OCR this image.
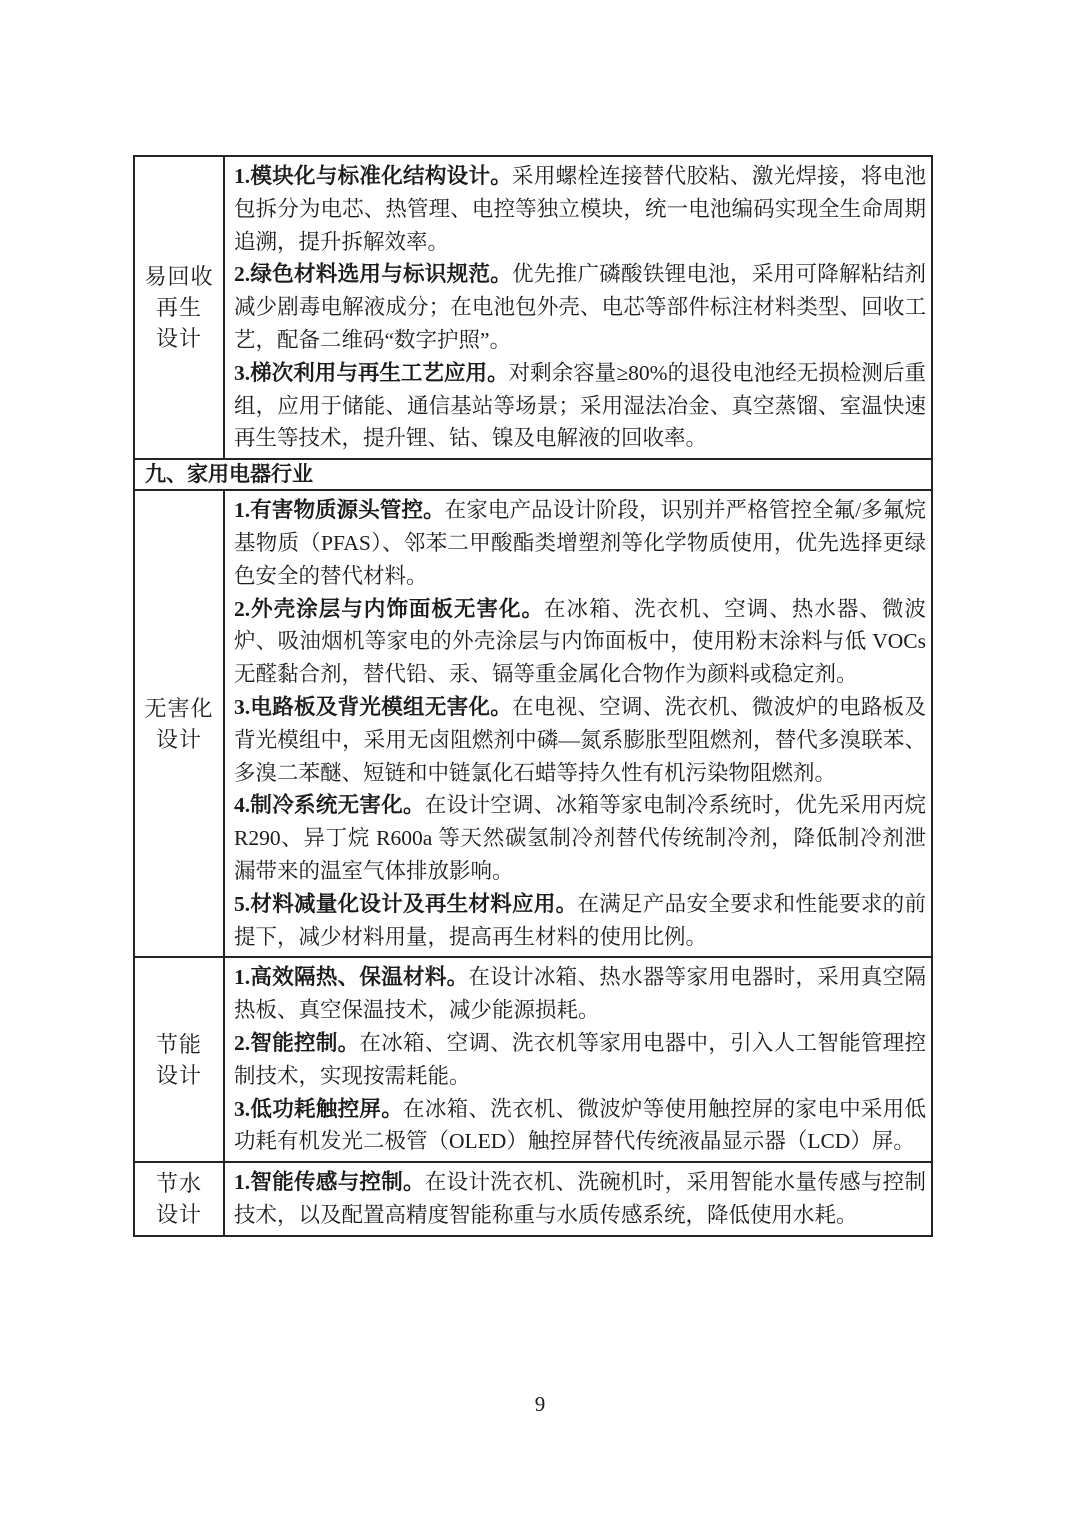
易回收
再生
设计

1.模块化与标准化结构设计。采用螺栓连接替代胶粘、激光焊接，将电池包拆分为电芯、热管理、电控等独立模块，统一电池编码实现全生命周期追溯，提升拆解效率。

2.绿色材料选用与标识规范。优先推广磷酸铁锂电池，采用可降解粘结剂减少剧毒电解液成分；在电池包外壳、电芯等部件标注材料类型、回收工艺，配备二维码“数字护照”。

3.梯次利用与再生工艺应用。对剩余容量≥80%的退役电池经无损检测后重组，应用于储能、通信基站等场景；采用湿法冶金、真空蒸馏、室温快速再生等技术，提升锂、钴、镍及电解液的回收率。

九、家用电器行业
无害化
设计

1.有害物质源头管控。在家电产品设计阶段，识别并严格管控全氟/多氟烷基物质（PFAS）、邻苯二甲酸酯类增塑剂等化学物质使用，优先选择更绿色安全的替代材料。

2.外壳涂层与内饰面板无害化。在冰箱、洗衣机、空调、热水器、微波炉、吸油烟机等家电的外壳涂层与内饰面板中，使用粉末涂料与低 VOCs 无醛黏合剂，替代铅、汞、镉等重金属化合物作为颜料或稳定剂。

3.电路板及背光模组无害化。在电视、空调、洗衣机、微波炉的电路板及背光模组中，采用无卤阻燃剂中磷—氮系膨胀型阻燃剂，替代多溴联苯、多溴二苯醚、短链和中链氯化石蜡等持久性有机污染物阻燃剂。

4.制冷系统无害化。在设计空调、冰箱等家电制冷系统时，优先采用丙烷 R290、异丁烷 R600a 等天然碳氢制冷剂替代传统制冷剂，降低制冷剂泄漏带来的温室气体排放影响。

5.材料减量化设计及再生材料应用。在满足产品安全要求和性能要求的前提下，减少材料用量，提高再生材料的使用比例。

节能
设计

1.高效隔热、保温材料。在设计冰箱、热水器等家用电器时，采用真空隔热板、真空保温技术，减少能源损耗。

2.智能控制。在冰箱、空调、洗衣机等家用电器中，引入人工智能管理控制技术，实现按需耗能。

3.低功耗触控屏。在冰箱、洗衣机、微波炉等使用触控屏的家电中采用低功耗有机发光二极管（OLED）触控屏替代传统液晶显示器（LCD）屏。

节水
设计

1.智能传感与控制。在设计洗衣机、洗碗机时，采用智能水量传感与控制技术，以及配置高精度智能称重与水质传感系统，降低使用水耗。

9
